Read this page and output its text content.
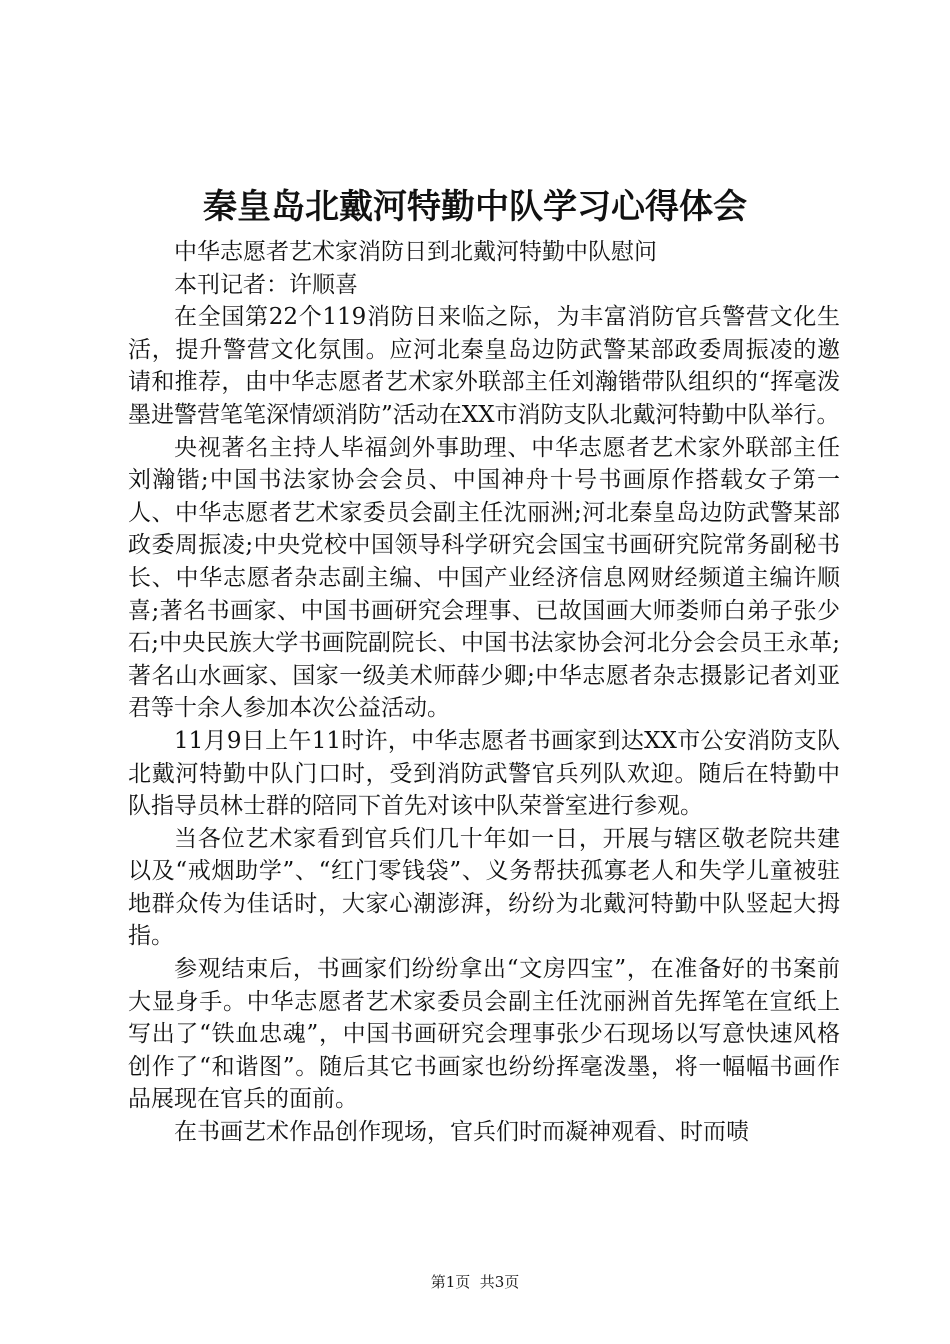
秦皇岛北戴河特勤中队学习心得体会

中华志愿者艺术家消防日到北戴河特勤中队慰问

本刊记者：许顺喜

在全国第22个119消防日来临之际，为丰富消防官兵警营文化生活，提升警营文化氛围。应河北秦皇岛边防武警某部政委周振凌的邀请和推荐，由中华志愿者艺术家外联部主任刘瀚锴带队组织的“挥毫泼墨进警营笔笔深情颂消防”活动在XX市消防支队北戴河特勤中队举行。

央视著名主持人毕福剑外事助理、中华志愿者艺术家外联部主任刘瀚锴;中国书法家协会会员、中国神舟十号书画原作搭载女子第一人、中华志愿者艺术家委员会副主任沈丽洲;河北秦皇岛边防武警某部政委周振凌;中央党校中国领导科学研究会国宝书画研究院常务副秘书长、中华志愿者杂志副主编、中国产业经济信息网财经频道主编许顺喜;著名书画家、中国书画研究会理事、已故国画大师娄师白弟子张少石;中央民族大学书画院副院长、中国书法家协会河北分会会员王永革;著名山水画家、国家一级美术师薛少卿;中华志愿者杂志摄影记者刘亚君等十余人参加本次公益活动。

11月9日上午11时许，中华志愿者书画家到达XX市公安消防支队北戴河特勤中队门口时，受到消防武警官兵列队欢迎。随后在特勤中队指导员林士群的陪同下首先对该中队荣誉室进行参观。

当各位艺术家看到官兵们几十年如一日，开展与辖区敬老院共建以及“戒烟助学”、“红门零钱袋”、义务帮扶孤寡老人和失学儿童被驻地群众传为佳话时，大家心潮澎湃，纷纷为北戴河特勤中队竖起大拇指。

参观结束后，书画家们纷纷拿出“文房四宝”，在准备好的书案前大显身手。中华志愿者艺术家委员会副主任沈丽洲首先挥笔在宣纸上写出了“铁血忠魂”，中国书画研究会理事张少石现场以写意快速风格创作了“和谐图”。随后其它书画家也纷纷挥毫泼墨，将一幅幅书画作品展现在官兵的面前。

在书画艺术作品创作现场，官兵们时而凝神观看、时而啧

第1页  共3页
